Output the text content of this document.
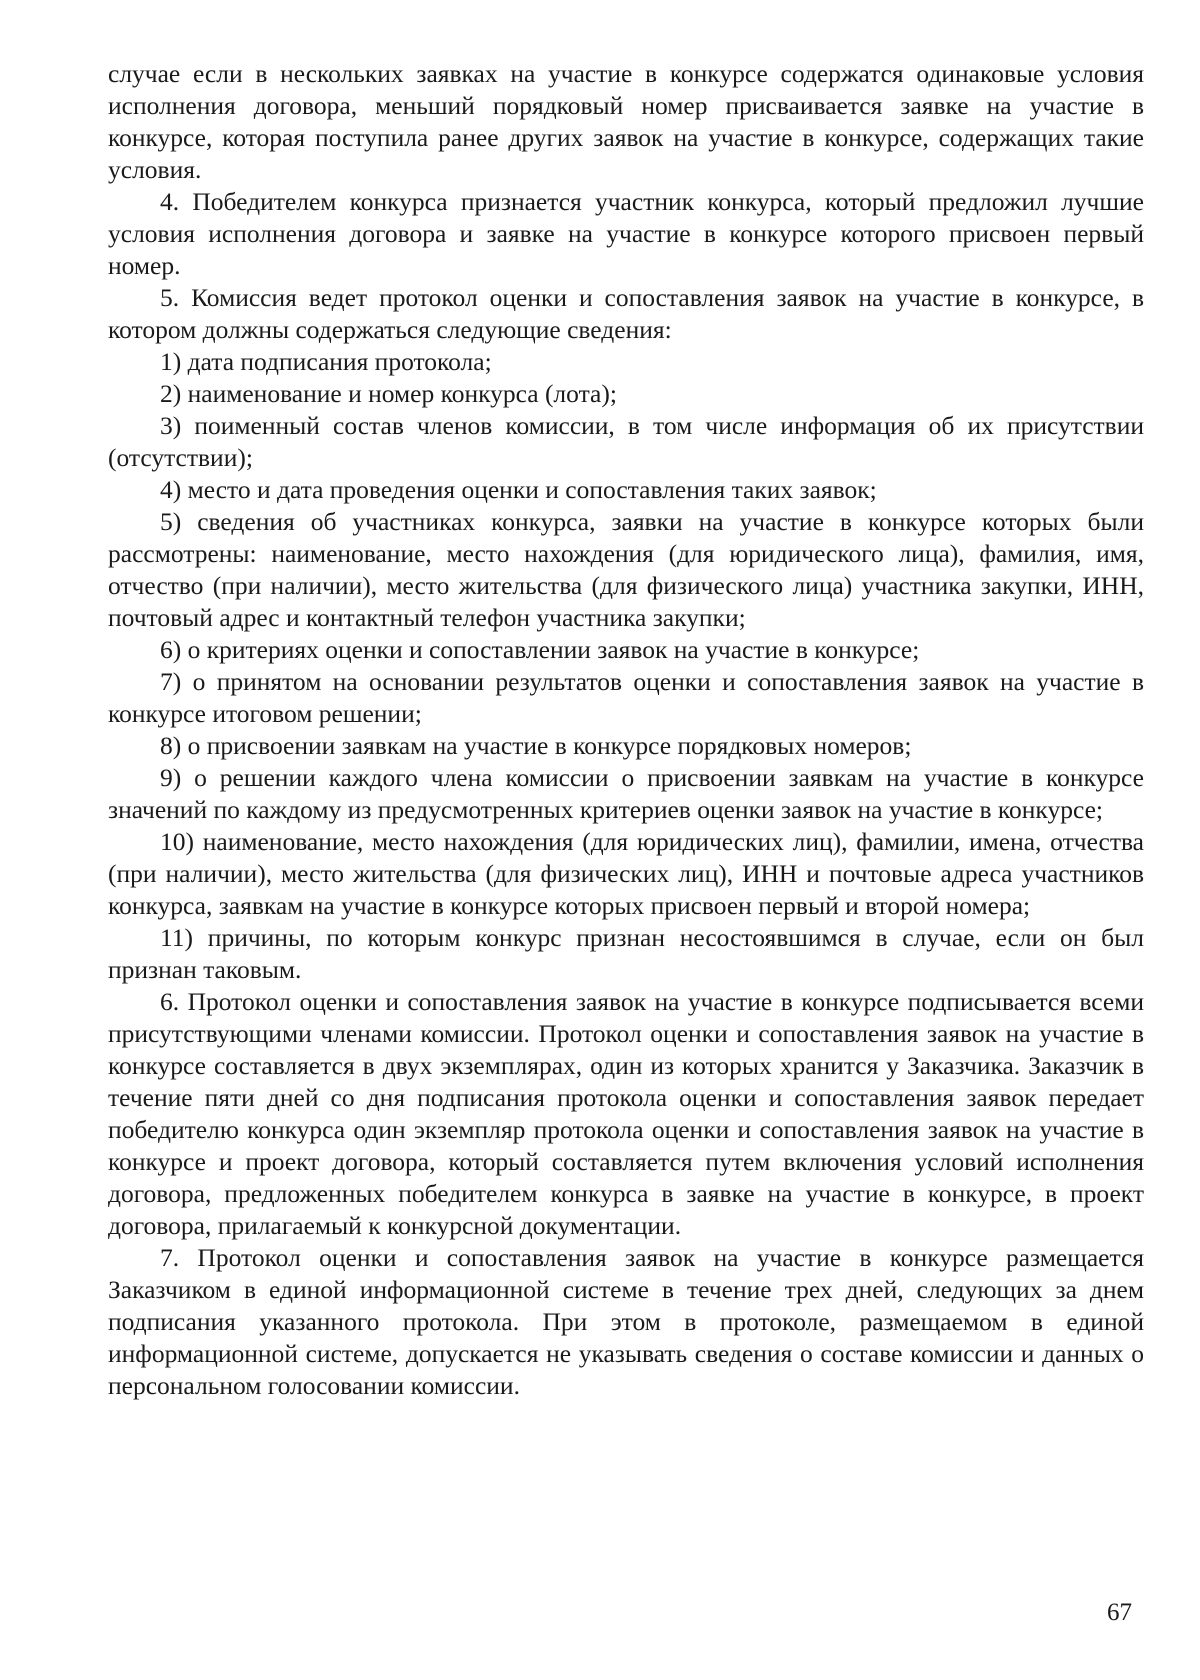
случае если в нескольких заявках на участие в конкурсе содержатся одинаковые условия исполнения договора, меньший порядковый номер присваивается заявке на участие в конкурсе, которая поступила ранее других заявок на участие в конкурсе, содержащих такие условия.

4. Победителем конкурса признается участник конкурса, который предложил лучшие условия исполнения договора и заявке на участие в конкурсе которого присвоен первый номер.

5. Комиссия ведет протокол оценки и сопоставления заявок на участие в конкурсе, в котором должны содержаться следующие сведения:

1) дата подписания протокола;

2) наименование и номер конкурса (лота);

3) поименный состав членов комиссии, в том числе информация об их присутствии (отсутствии);

4) место и дата проведения оценки и сопоставления таких заявок;

5) сведения об участниках конкурса, заявки на участие в конкурсе которых были рассмотрены: наименование, место нахождения (для юридического лица), фамилия, имя, отчество (при наличии), место жительства (для физического лица) участника закупки, ИНН, почтовый адрес и контактный телефон участника закупки;

6) о критериях оценки и сопоставлении заявок на участие в конкурсе;

7) о принятом на основании результатов оценки и сопоставления заявок на участие в конкурсе итоговом решении;

8) о присвоении заявкам на участие в конкурсе порядковых номеров;

9) о решении каждого члена комиссии о присвоении заявкам на участие в конкурсе значений по каждому из предусмотренных критериев оценки заявок на участие в конкурсе;

10) наименование, место нахождения (для юридических лиц), фамилии, имена, отчества (при наличии), место жительства (для физических лиц), ИНН и почтовые адреса участников конкурса, заявкам на участие в конкурсе которых присвоен первый и второй номера;

11) причины, по которым конкурс признан несостоявшимся в случае, если он был признан таковым.

6. Протокол оценки и сопоставления заявок на участие в конкурсе подписывается всеми присутствующими членами комиссии. Протокол оценки и сопоставления заявок на участие в конкурсе составляется в двух экземплярах, один из которых хранится у Заказчика. Заказчик в течение пяти дней со дня подписания протокола оценки и сопоставления заявок передает победителю конкурса один экземпляр протокола оценки и сопоставления заявок на участие в конкурсе и проект договора, который составляется путем включения условий исполнения договора, предложенных победителем конкурса в заявке на участие в конкурсе, в проект договора, прилагаемый к конкурсной документации.

7. Протокол оценки и сопоставления заявок на участие в конкурсе размещается Заказчиком в единой информационной системе в течение трех дней, следующих за днем подписания указанного протокола. При этом в протоколе, размещаемом в единой информационной системе, допускается не указывать сведения о составе комиссии и данных о персональном голосовании комиссии.

67
